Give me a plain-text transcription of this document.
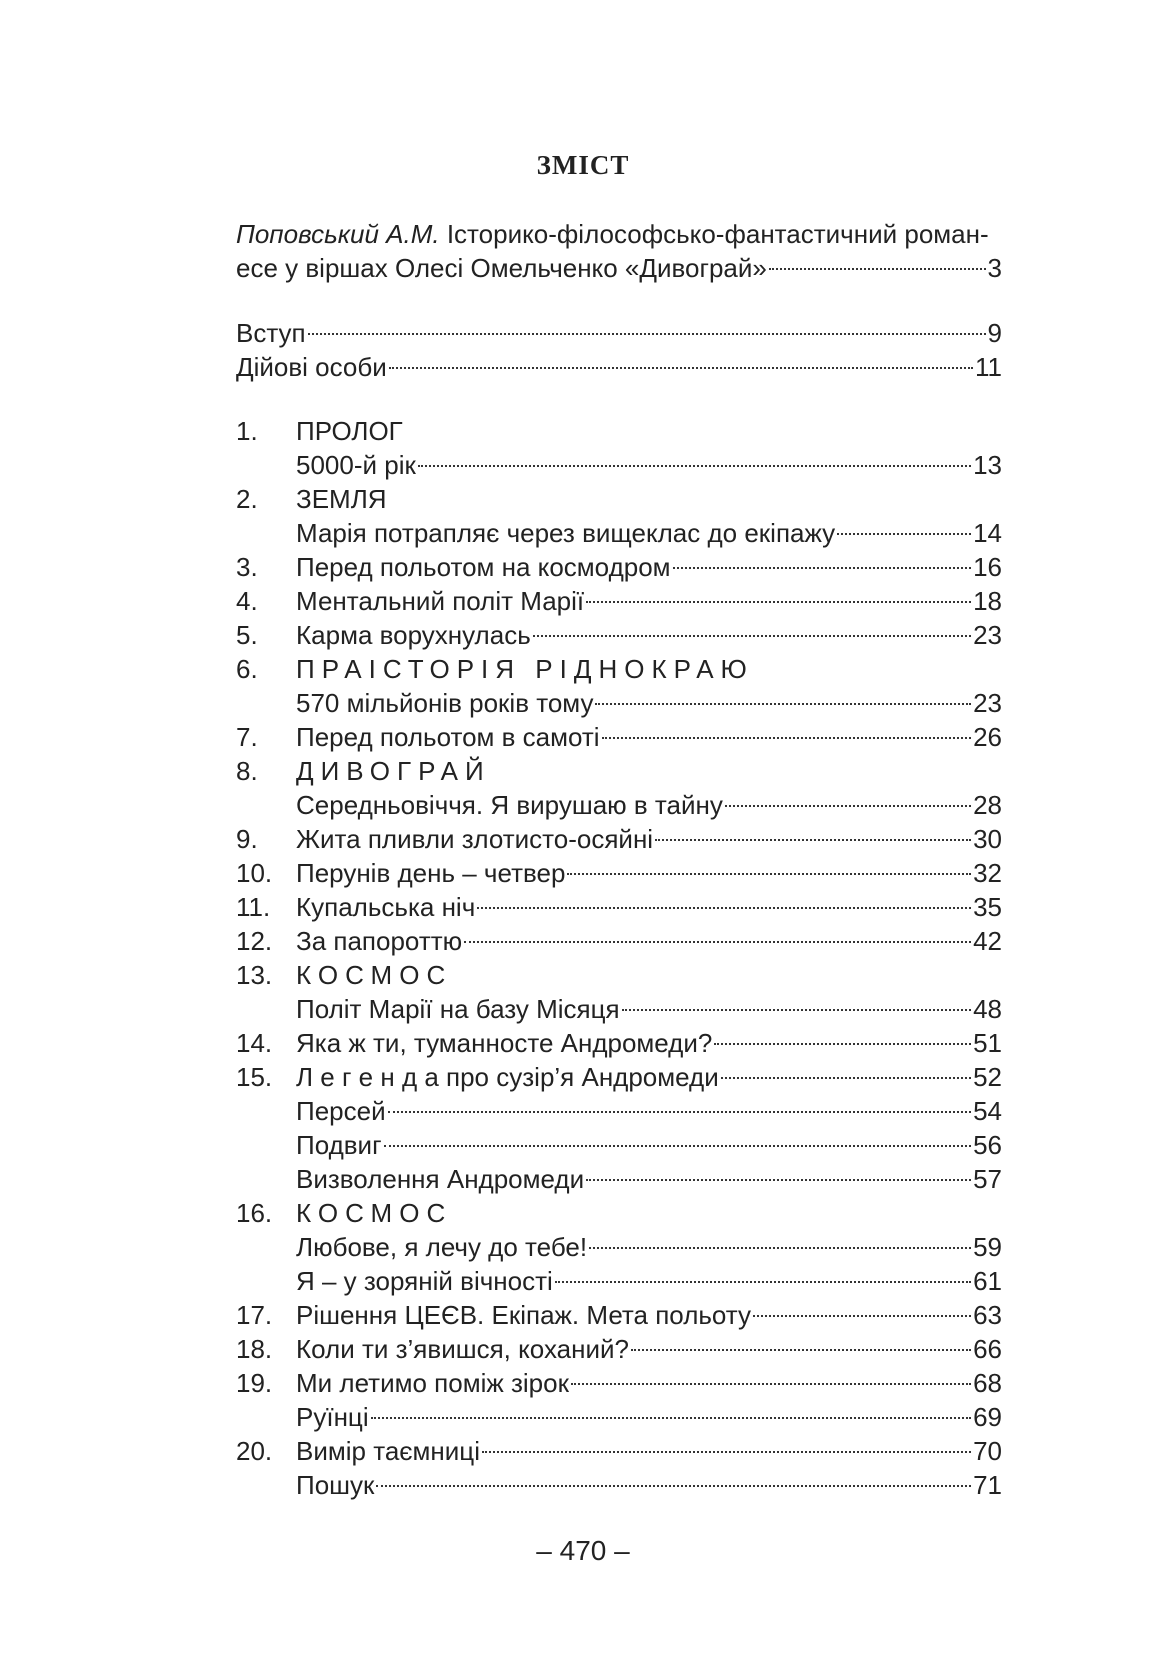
ЗМІСТ
Поповський А.М. Історико-філософсько-фантастичний роман-
есе у віршах Олесі Омельченко «Дивограй»	3
Вступ	9
Дійові особи	11
1. ПРОЛОГ
5000-й рік	13
2. ЗЕМЛЯ
Марія потрапляє через вищеклас до екіпажу	14
3. Перед польотом на космодром	16
4. Ментальний політ Марії	18
5. Карма ворухнулась	23
6. ПРАІСТОРІЯ РІДНОКРАЮ
570 мільйонів років тому	23
7. Перед польотом в самоті	26
8. ДИВОГРАЙ
Середньовіччя. Я вирушаю в тайну	28
9. Жита пливли злотисто-осяйні	30
10. Перунів день – четвер	32
11. Купальська ніч	35
12. За папороттю	42
13. КОСМОС
Політ Марії на базу Місяця	48
14. Яка ж ти, туманносте Андромеди?	51
15. Л е г е н д а про сузір’я Андромеди	52
Персей	54
Подвиг	56
Визволення Андромеди	57
16. КОСМОС
Любове, я лечу до тебе!	59
Я – у зоряній вічності	61
17. Рішення ЦЕЄВ. Екіпаж. Мета польоту	63
18. Коли ти з’явишся, коханий?	66
19. Ми летимо поміж зірок	68
Руїнці	69
20. Вимір таємниці	70
Пошук	71
– 470 –
